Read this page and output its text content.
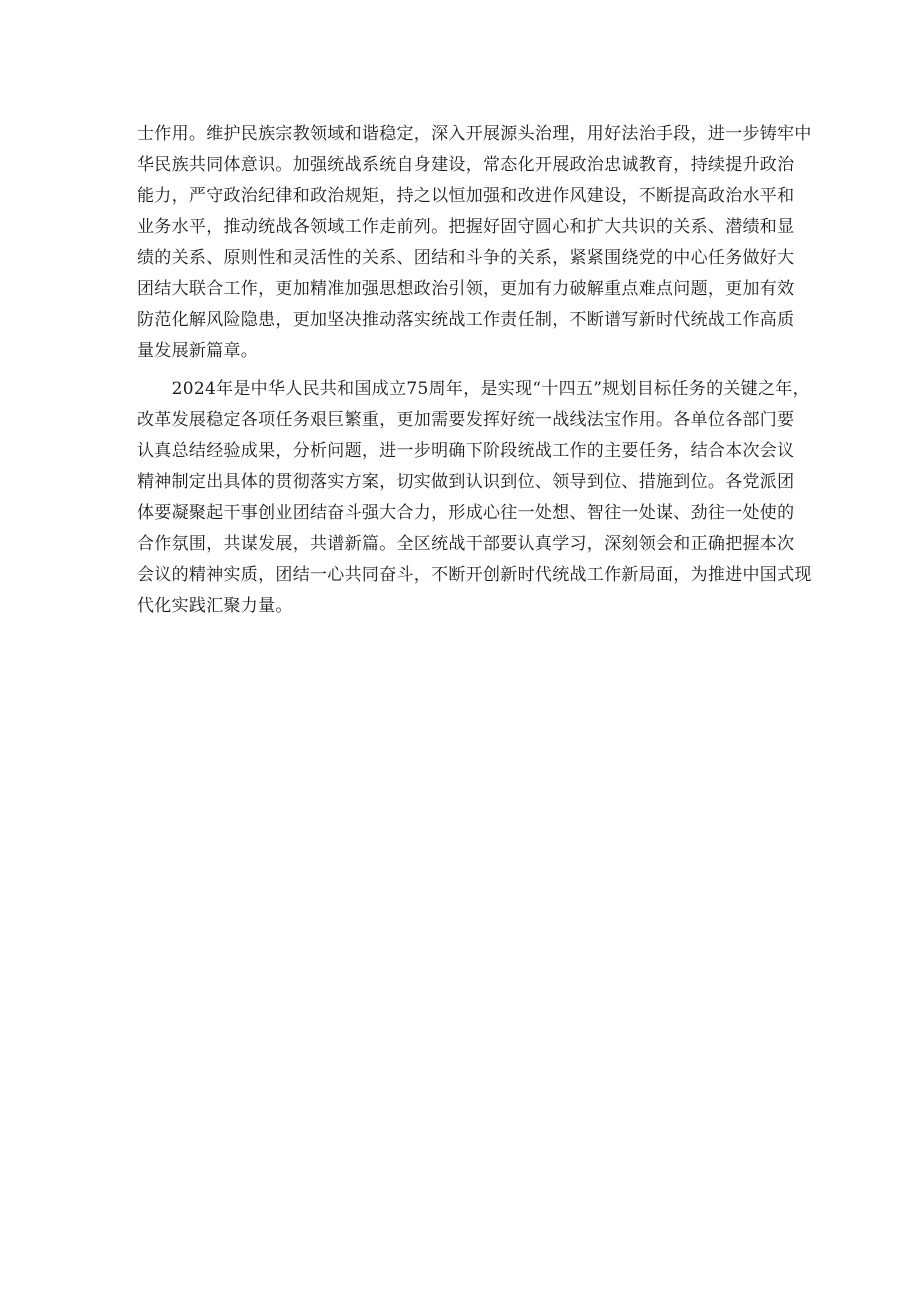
士作用。维护民族宗教领域和谐稳定，深入开展源头治理，用好法治手段，进一步铸牢中
华民族共同体意识。加强统战系统自身建设，常态化开展政治忠诚教育，持续提升政治
能力，严守政治纪律和政治规矩，持之以恒加强和改进作风建设，不断提高政治水平和
业务水平，推动统战各领域工作走前列。把握好固守圆心和扩大共识的关系、潜绩和显
绩的关系、原则性和灵活性的关系、团结和斗争的关系，紧紧围绕党的中心任务做好大
团结大联合工作，更加精准加强思想政治引领，更加有力破解重点难点问题，更加有效
防范化解风险隐患，更加坚决推动落实统战工作责任制，不断谱写新时代统战工作高质
量发展新篇章。

　　2024年是中华人民共和国成立75周年，是实现“十四五”规划目标任务的关键之年，
改革发展稳定各项任务艰巨繁重，更加需要发挥好统一战线法宝作用。各单位各部门要
认真总结经验成果，分析问题，进一步明确下阶段统战工作的主要任务，结合本次会议
精神制定出具体的贯彻落实方案，切实做到认识到位、领导到位、措施到位。各党派团
体要凝聚起干事创业团结奋斗强大合力，形成心往一处想、智往一处谋、劲往一处使的
合作氛围，共谋发展，共谱新篇。全区统战干部要认真学习，深刻领会和正确把握本次
会议的精神实质，团结一心共同奋斗，不断开创新时代统战工作新局面，为推进中国式现
代化实践汇聚力量。
